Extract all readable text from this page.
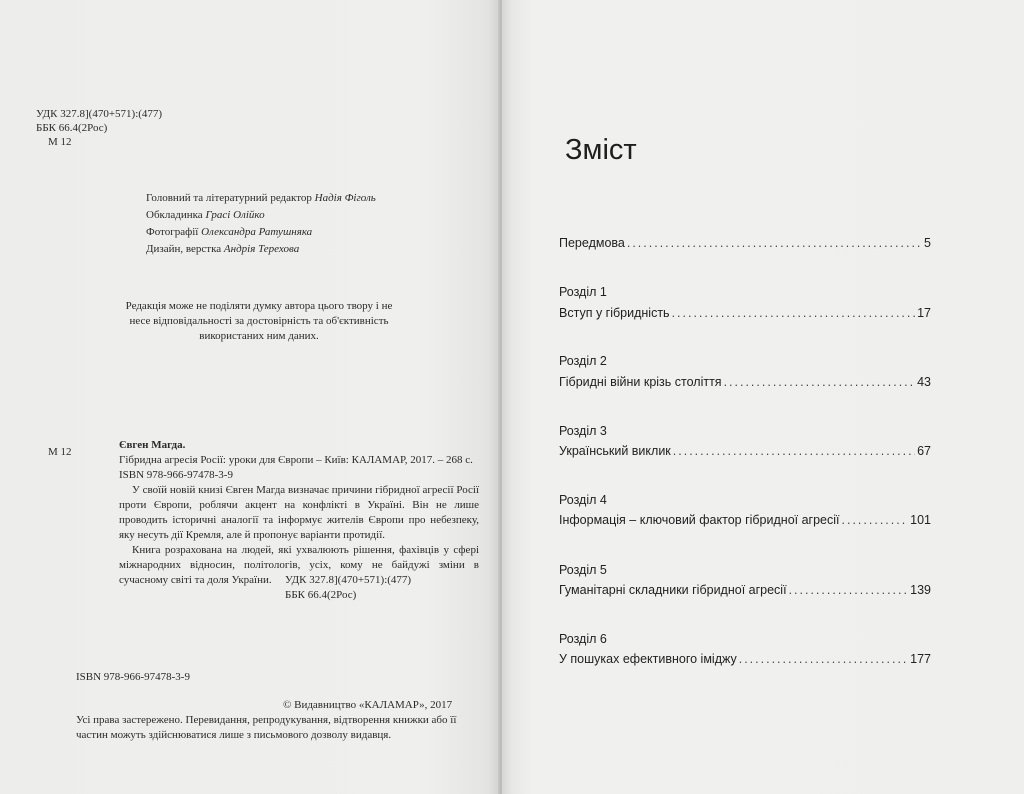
УДК 327.8](470+571):(477)
ББК 66.4(2Рос)
М 12
Головний та літературний редактор Надія Фіголь
Обкладинка Грасі Олійко
Фотографії Олександра Ратушняка
Дизайн, верстка Андрія Терехова
Редакція може не поділяти думку автора цього твору і не несе відповідальності за достовірність та об'єктивність використаних ним даних.
М 12
Євген Магда.
Гібридна агресія Росії: уроки для Європи – Київ: КАЛАМАР, 2017. – 268 с.
ISBN 978-966-97478-3-9
У своїй новій книзі Євген Магда визначає причини гібридної агресії Росії проти Європи, роблячи акцент на конфлікті в Україні. Він не лише проводить історичні аналогії та інформує жителів Європи про небезпеку, яку несуть дії Кремля, але й пропонує варіанти протидії.
Книга розрахована на людей, які ухвалюють рішення, фахівців у сфері міжнародних відносин, політологів, усіх, кому не байдужі зміни в сучасному світі та доля України.	УДК 327.8](470+571):(477)
ББК 66.4(2Рос)
ISBN 978-966-97478-3-9
© Видавництво «КАЛАМАР», 2017
Усі права застережено. Перевидання, репродукування, відтворення книжки або її частин можуть здійснюватися лише з письмового дозволу видавця.
Зміст
Передмова .....	5
Розділ 1
Вступ у гібридність .....	17
Розділ 2
Гібридні війни крізь століття .....	43
Розділ 3
Український виклик .....	67
Розділ 4
Інформація – ключовий фактор гібридної агресії .....	101
Розділ 5
Гуманітарні складники гібридної агресії .....	139
Розділ 6
У пошуках ефективного іміджу .....	177
